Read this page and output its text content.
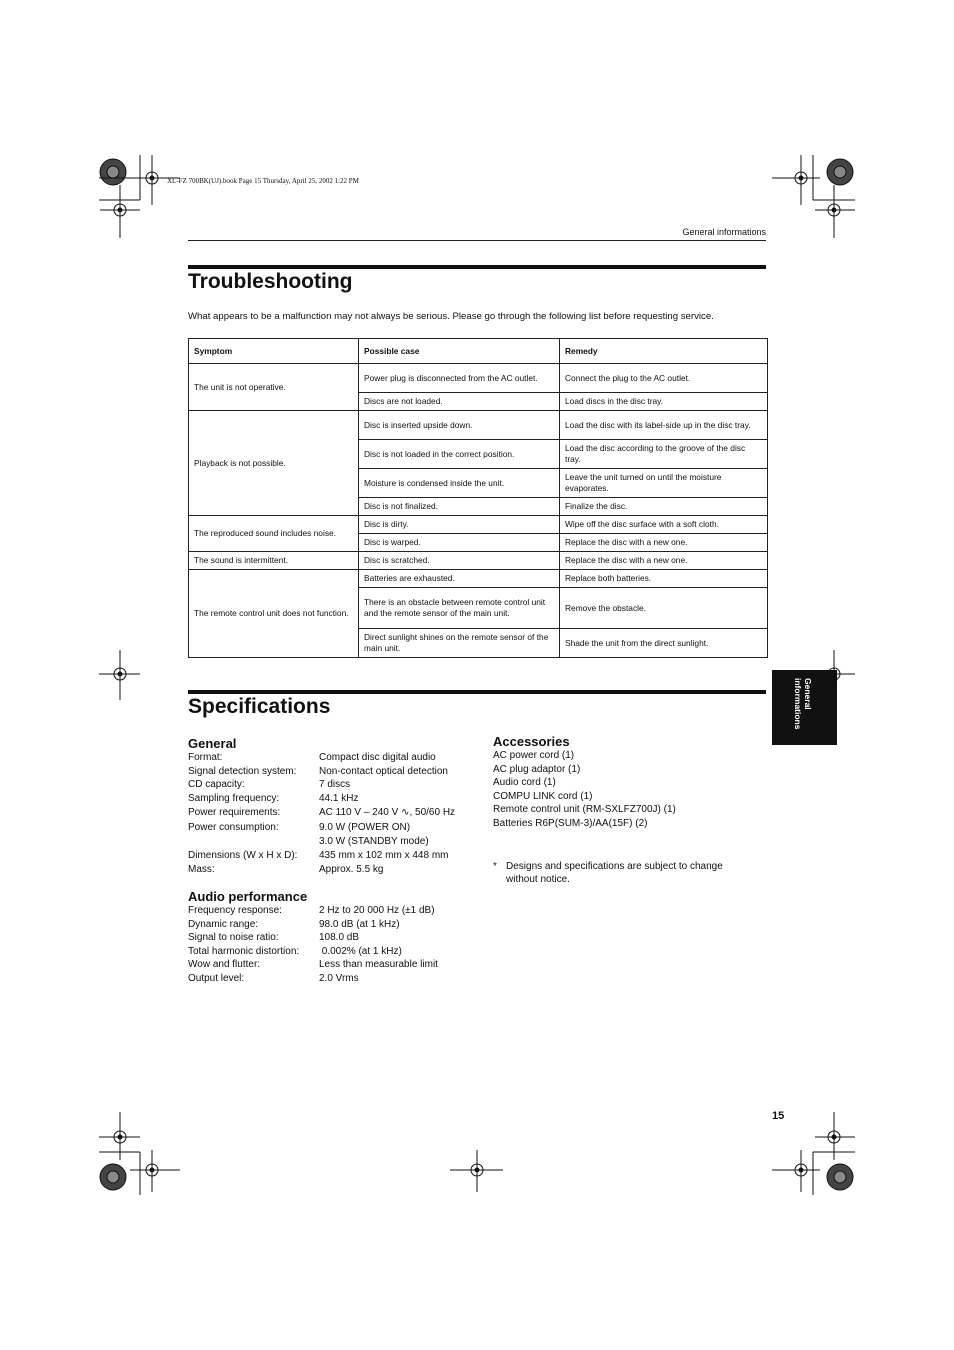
XL-FZ 700BK(UJ).book Page 15 Thursday, April 25, 2002 1:22 PM
General informations
Troubleshooting
What appears to be a malfunction may not always be serious. Please go through the following list before requesting service.
Symptom	Possible case	Remedy
The unit is not operative.	Power plug is disconnected from the AC outlet.	Connect the plug to the AC outlet.
	Discs are not loaded.	Load discs in the disc tray.
Playback is not possible.	Disc is inserted upside down.	Load the disc with its label-side up in the disc tray.
	Disc is not loaded in the correct position.	Load the disc according to the groove of the disc tray.
	Moisture is condensed inside the unit.	Leave the unit turned on until the moisture evaporates.
	Disc is not finalized.	Finalize the disc.
The reproduced sound includes noise.	Disc is dirty.	Wipe off the disc surface with a soft cloth.
	Disc is warped.	Replace the disc with a new one.
The sound is intermittent.	Disc is scratched.	Replace the disc with a new one.
The remote control unit does not function.	Batteries are exhausted.	Replace both batteries.
	There is an obstacle between remote control unit and the remote sensor of the main unit.	Remove the obstacle.
	Direct sunlight shines on the remote sensor of the main unit.	Shade the unit from the direct sunlight.
Specifications
General
Format:	Compact disc digital audio
Signal detection system:	Non-contact optical detection
CD capacity:	7 discs
Sampling frequency:	44.1 kHz
Power requirements:	AC 110 V – 240 V ∿, 50/60 Hz
Power consumption:	9.0 W (POWER ON)
3.0 W (STANDBY mode)
Dimensions (W x H x D):	435 mm x 102 mm x 448 mm
Mass:	Approx. 5.5 kg
Audio performance
Frequency response:	2 Hz to 20 000 Hz (±1 dB)
Dynamic range:	98.0 dB (at 1 kHz)
Signal to noise ratio:	108.0 dB
Total harmonic distortion:	0.002% (at 1 kHz)
Wow and flutter:	Less than measurable limit
Output level:	2.0 Vrms
Accessories
AC power cord (1)
AC plug adaptor (1)
Audio cord (1)
COMPU LINK cord (1)
Remote control unit (RM-SXLFZ700J) (1)
Batteries R6P(SUM-3)/AA(15F) (2)
* Designs and specifications are subject to change without notice.
General informations
15
